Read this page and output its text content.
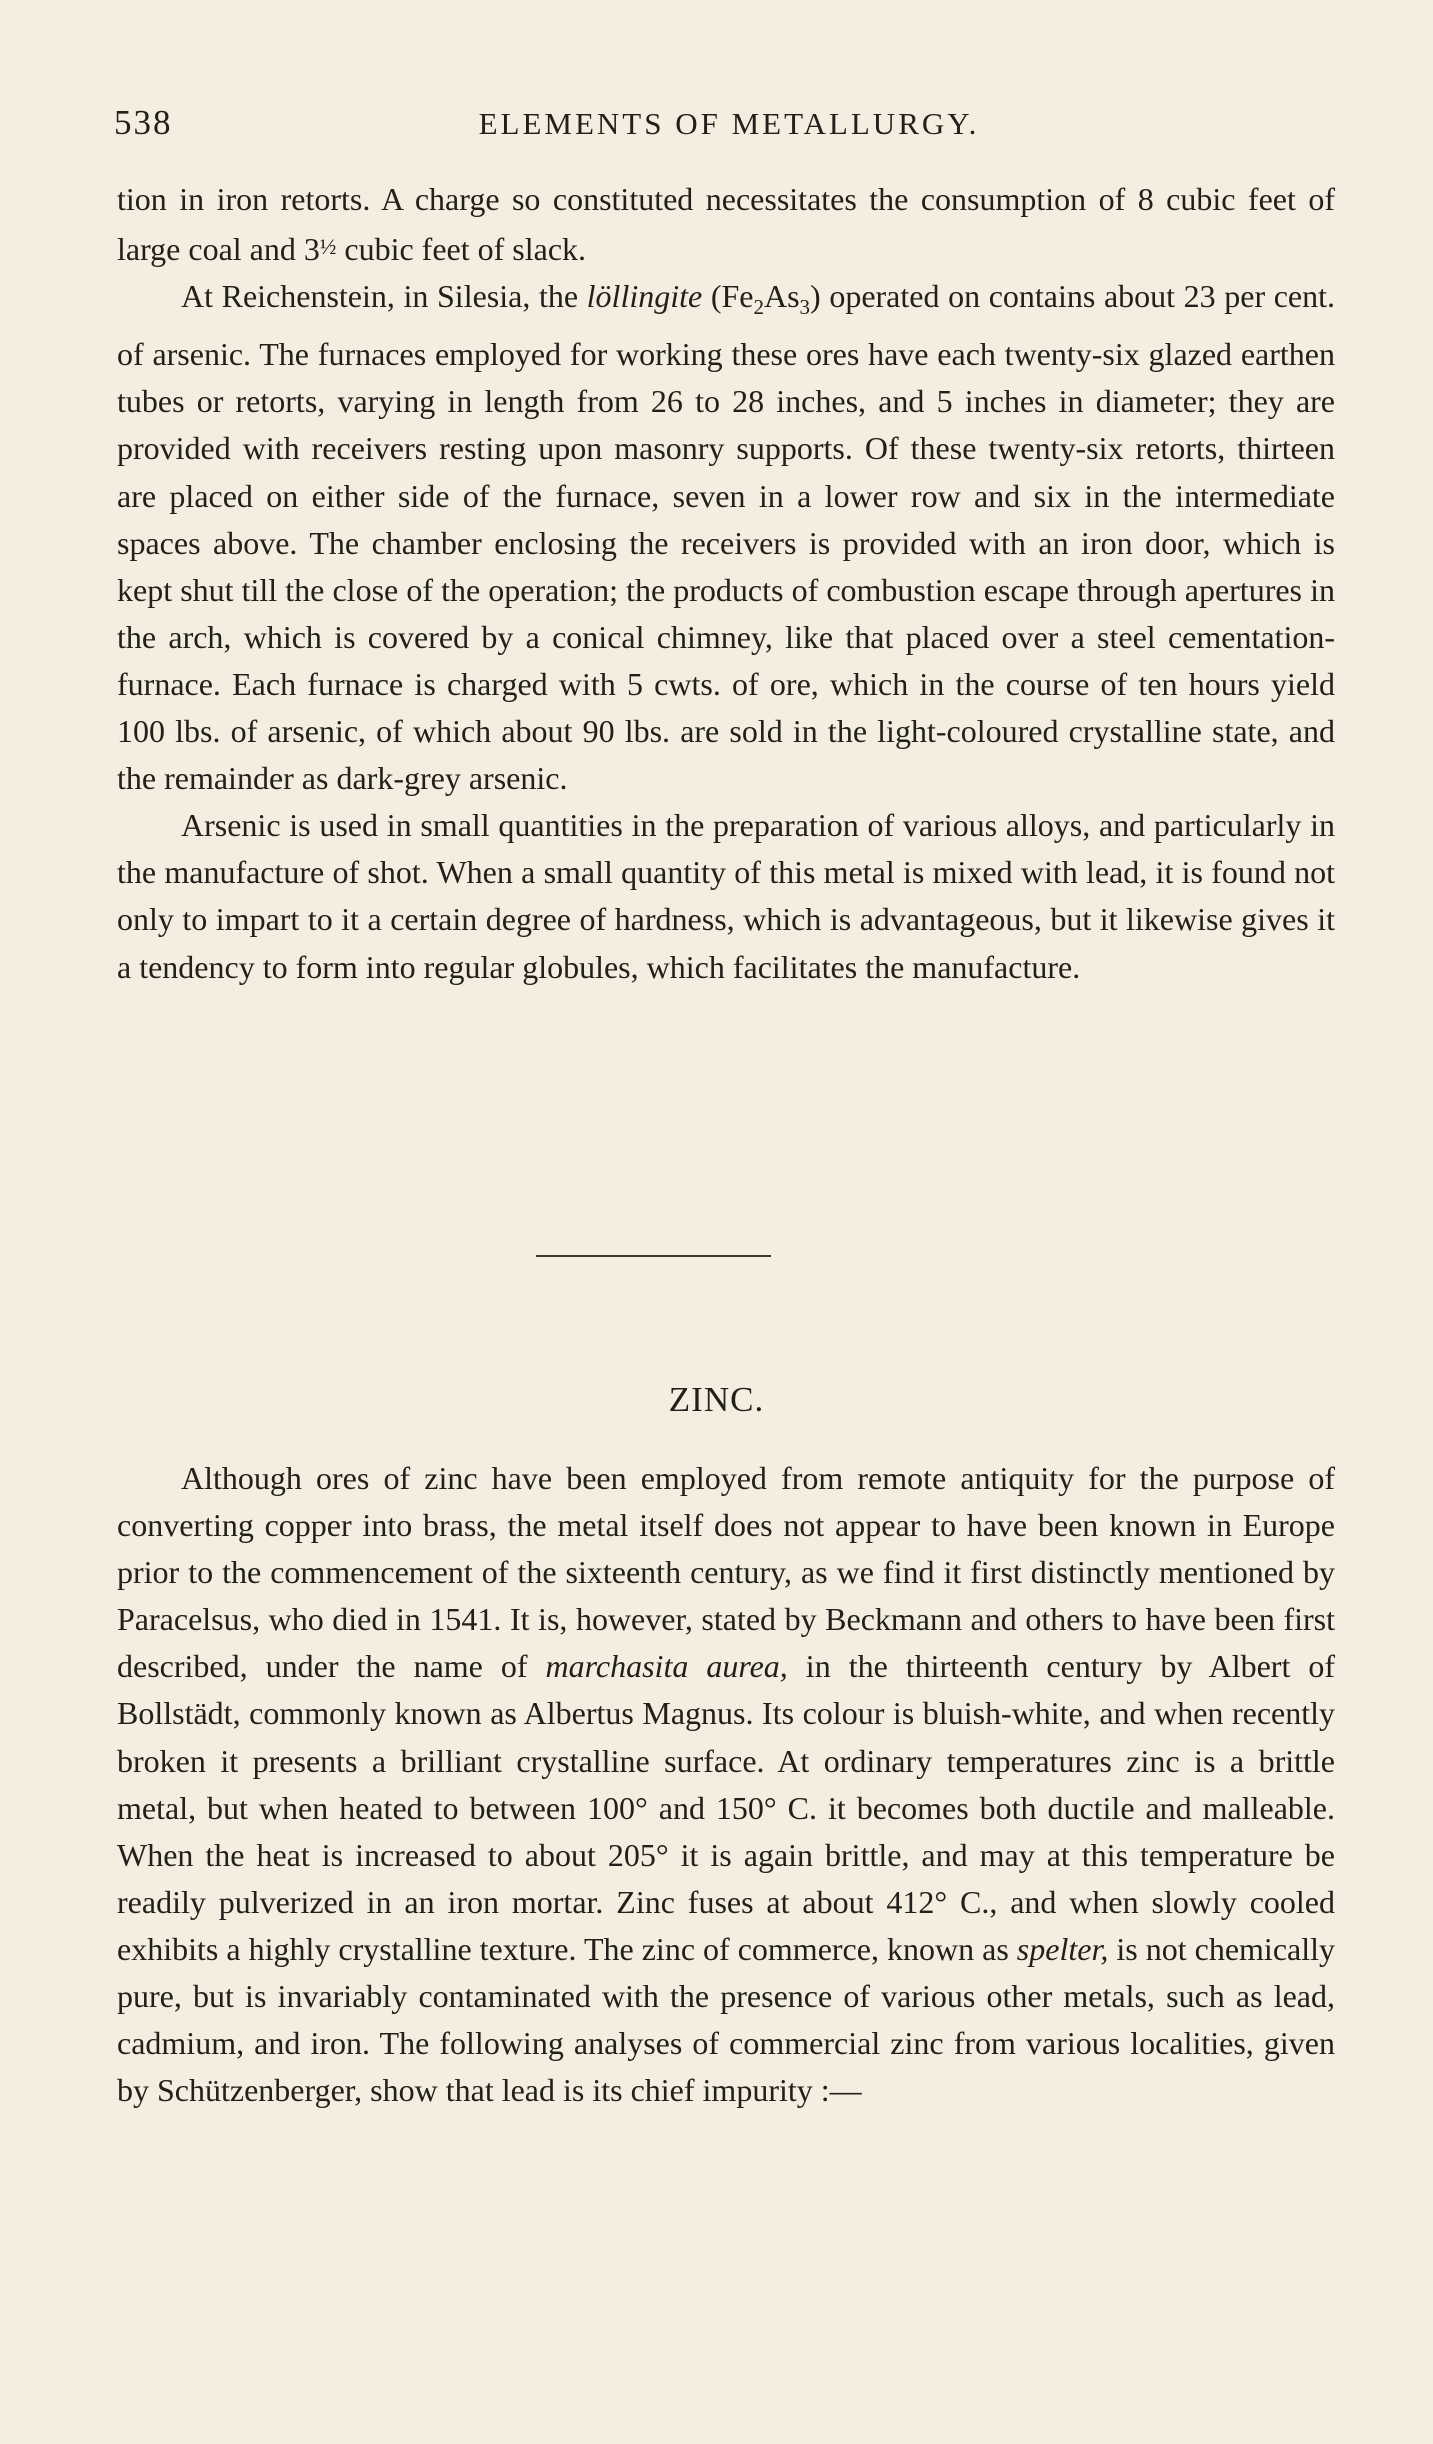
538	ELEMENTS OF METALLURGY.

tion in iron retorts. A charge so constituted necessitates the consumption of 8 cubic feet of large coal and 3½ cubic feet of slack.

At Reichenstein, in Silesia, the löllingite $(Fe_2As_3)$ operated on contains about 23 per cent. of arsenic. The furnaces employed for working these ores have each twenty-six glazed earthen tubes or retorts, varying in length from 26 to 28 inches, and 5 inches in diameter; they are provided with receivers resting upon masonry supports. Of these twenty-six retorts, thirteen are placed on either side of the furnace, seven in a lower row and six in the intermediate spaces above. The chamber enclosing the receivers is provided with an iron door, which is kept shut till the close of the operation; the products of combustion escape through apertures in the arch, which is covered by a conical chimney, like that placed over a steel cementation-furnace. Each furnace is charged with 5 cwts. of ore, which in the course of ten hours yield 100 lbs. of arsenic, of which about 90 lbs. are sold in the light-coloured crystalline state, and the remainder as dark-grey arsenic.

Arsenic is used in small quantities in the preparation of various alloys, and particularly in the manufacture of shot. When a small quantity of this metal is mixed with lead, it is found not only to impart to it a certain degree of hardness, which is advantageous, but it likewise gives it a tendency to form into regular globules, which facilitates the manufacture.

ZINC.

Although ores of zinc have been employed from remote antiquity for the purpose of converting copper into brass, the metal itself does not appear to have been known in Europe prior to the commencement of the sixteenth century, as we find it first distinctly mentioned by Paracelsus, who died in 1541. It is, however, stated by Beckmann and others to have been first described, under the name of marchasita aurea, in the thirteenth century by Albert of Bollstädt, commonly known as Albertus Magnus. Its colour is bluish-white, and when recently broken it presents a brilliant crystalline surface. At ordinary temperatures zinc is a brittle metal, but when heated to between 100° and 150° C. it becomes both ductile and malleable. When the heat is increased to about 205° it is again brittle, and may at this temperature be readily pulverized in an iron mortar. Zinc fuses at about 412° C., and when slowly cooled exhibits a highly crystalline texture. The zinc of commerce, known as spelter, is not chemically pure, but is invariably contaminated with the presence of various other metals, such as lead, cadmium, and iron. The following analyses of commercial zinc from various localities, given by Schützenberger, show that lead is its chief impurity :—
